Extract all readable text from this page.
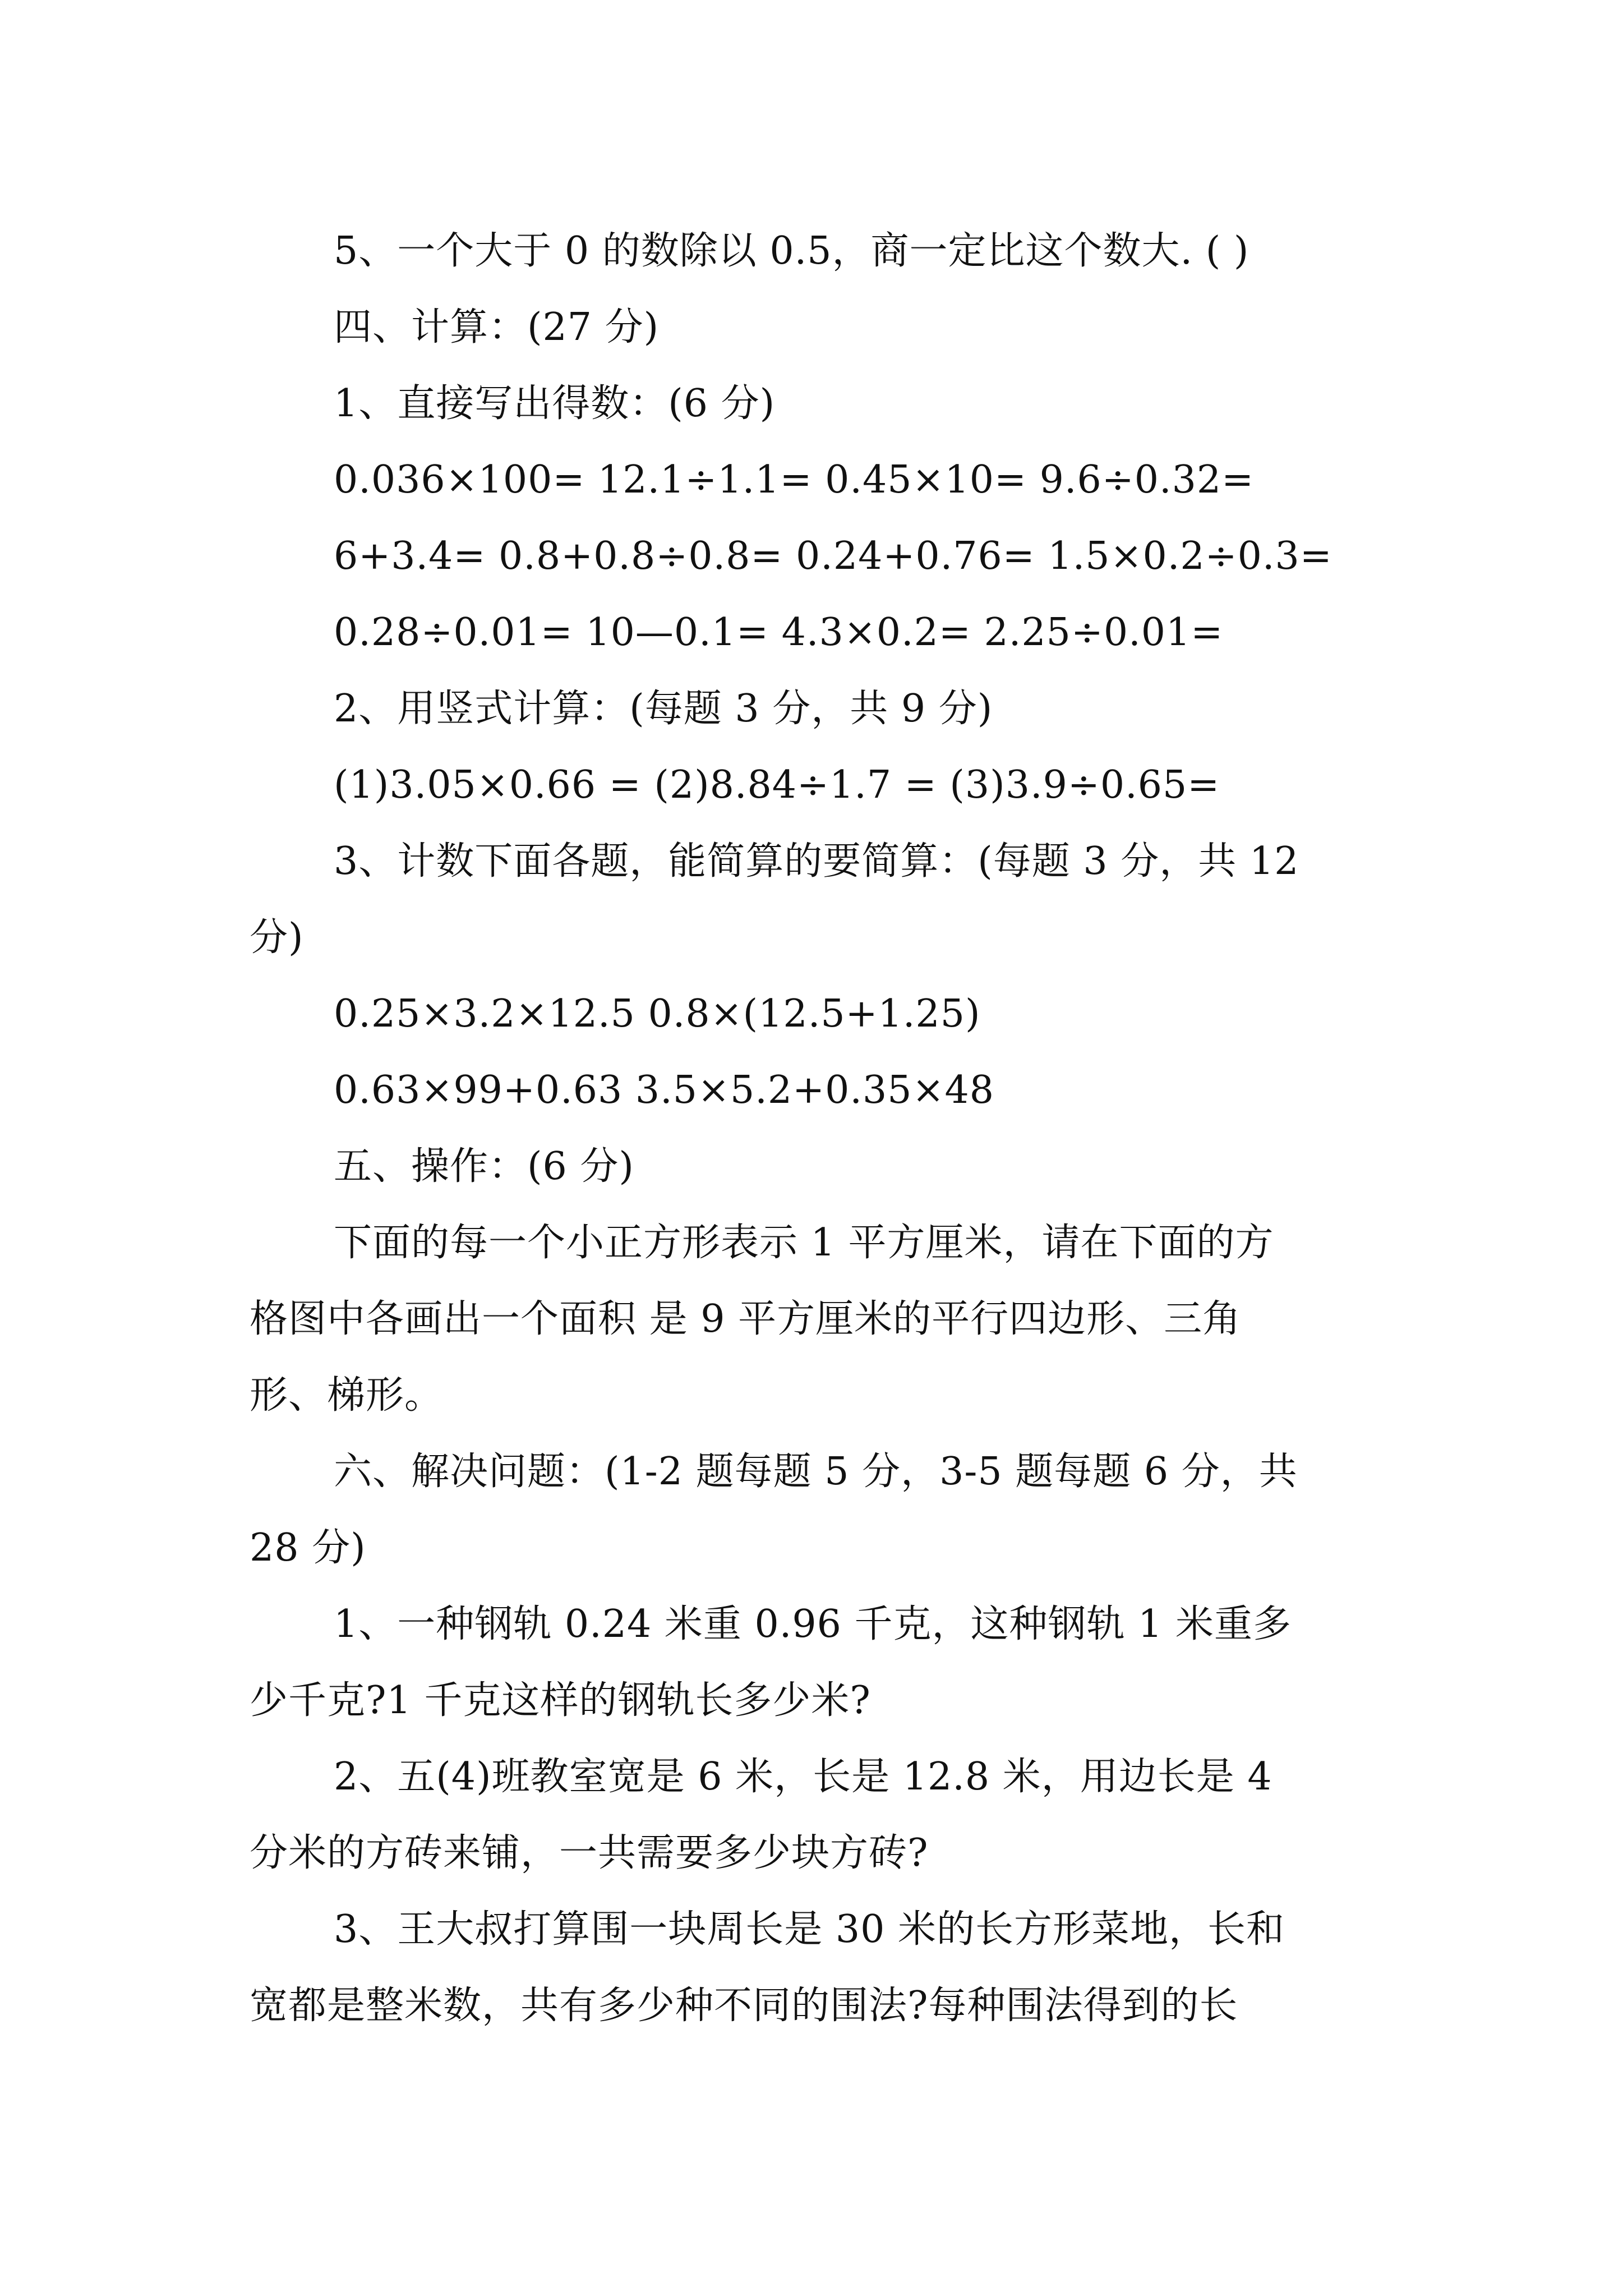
5、一个大于 0 的数除以 0.5，商一定比这个数大. ( )
四、计算：(27 分)
1、直接写出得数：(6 分)
0.036×100= 12.1÷1.1= 0.45×10= 9.6÷0.32=
6+3.4= 0.8+0.8÷0.8= 0.24+0.76= 1.5×0.2÷0.3=
0.28÷0.01= 10—0.1= 4.3×0.2= 2.25÷0.01=
2、用竖式计算：(每题 3 分，共 9 分)
(1)3.05×0.66 = (2)8.84÷1.7 = (3)3.9÷0.65=
3、计数下面各题，能简算的要简算：(每题 3 分，共 12
分)
0.25×3.2×12.5 0.8×(12.5+1.25)
0.63×99+0.63 3.5×5.2+0.35×48
五、操作：(6 分)
下面的每一个小正方形表示 1 平方厘米，请在下面的方
格图中各画出一个面积 是 9 平方厘米的平行四边形、三角
形、梯形。
六、解决问题：(1-2 题每题 5 分，3-5 题每题 6 分，共
28 分)
1、一种钢轨 0.24 米重 0.96 千克，这种钢轨 1 米重多
少千克?1 千克这样的钢轨长多少米?
2、五(4)班教室宽是 6 米，长是 12.8 米，用边长是 4
分米的方砖来铺，一共需要多少块方砖?
3、王大叔打算围一块周长是 30 米的长方形菜地，长和
宽都是整米数，共有多少种不同的围法?每种围法得到的长
